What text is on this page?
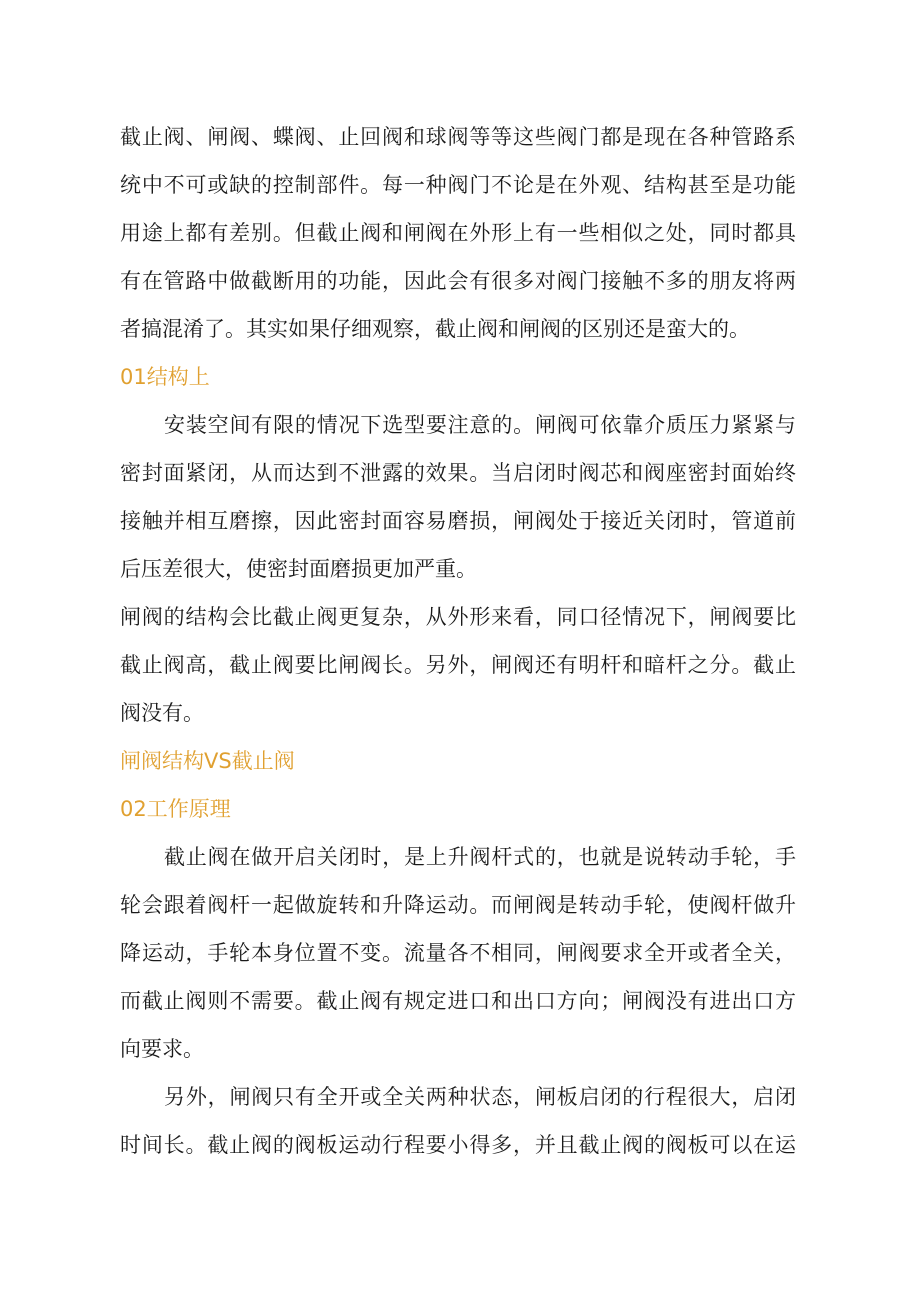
截止阀、闸阀、蝶阀、止回阀和球阀等等这些阀门都是现在各种管路系
统中不可或缺的控制部件。每一种阀门不论是在外观、结构甚至是功能
用途上都有差别。但截止阀和闸阀在外形上有一些相似之处，同时都具
有在管路中做截断用的功能，因此会有很多对阀门接触不多的朋友将两
者搞混淆了。其实如果仔细观察，截止阀和闸阀的区别还是蛮大的。
01结构上
安装空间有限的情况下选型要注意的。闸阀可依靠介质压力紧紧与
密封面紧闭，从而达到不泄露的效果。当启闭时阀芯和阀座密封面始终
接触并相互磨擦，因此密封面容易磨损，闸阀处于接近关闭时，管道前
后压差很大，使密封面磨损更加严重。
闸阀的结构会比截止阀更复杂，从外形来看，同口径情况下，闸阀要比
截止阀高，截止阀要比闸阀长。另外，闸阀还有明杆和暗杆之分。截止
阀没有。
闸阀结构VS截止阀
02工作原理
截止阀在做开启关闭时，是上升阀杆式的，也就是说转动手轮，手
轮会跟着阀杆一起做旋转和升降运动。而闸阀是转动手轮，使阀杆做升
降运动，手轮本身位置不变。流量各不相同，闸阀要求全开或者全关，
而截止阀则不需要。截止阀有规定进口和出口方向；闸阀没有进出口方
向要求。
另外，闸阀只有全开或全关两种状态，闸板启闭的行程很大，启闭
时间长。截止阀的阀板运动行程要小得多，并且截止阀的阀板可以在运
